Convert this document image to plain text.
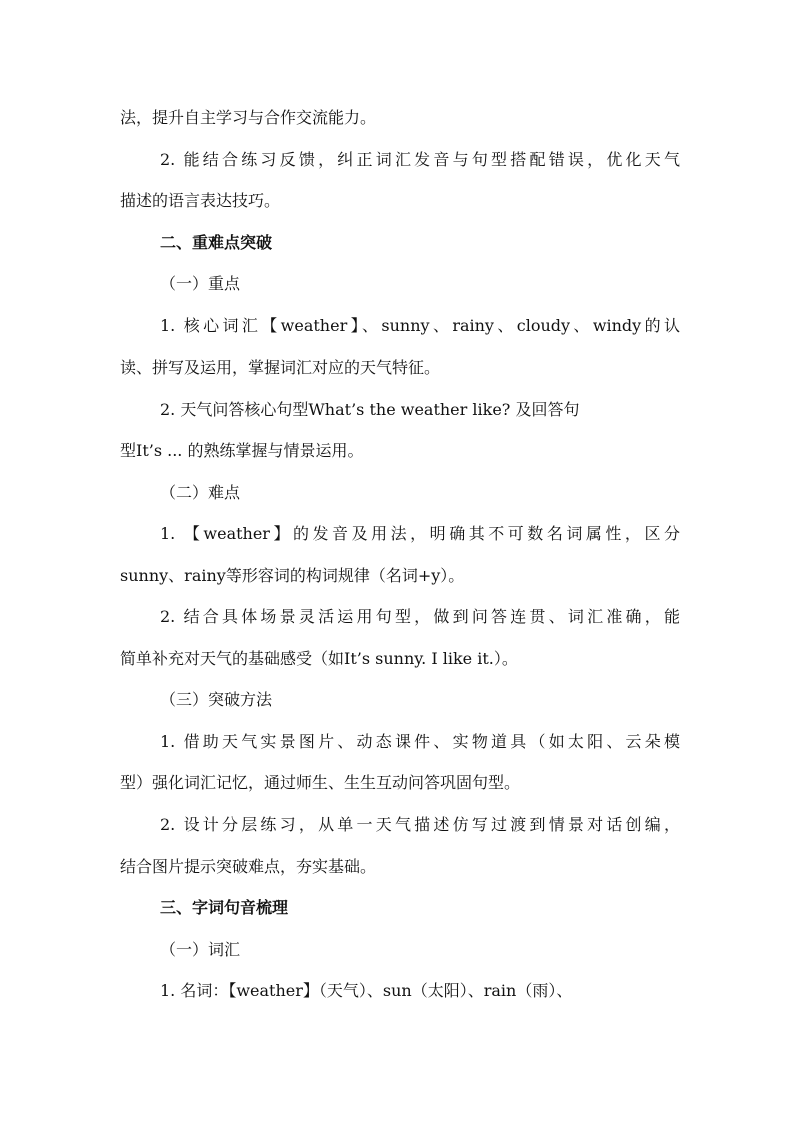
法，提升自主学习与合作交流能力。
2. 能结合练习反馈，纠正词汇发音与句型搭配错误，优化天气
描述的语言表达技巧。
二、重难点突破
（一）重点
1. 核心词汇【weather】、sunny、rainy、cloudy、windy的认
读、拼写及运用，掌握词汇对应的天气特征。
2. 天气问答核心句型What’s the weather like? 及回答句
型It’s ... 的熟练掌握与情景运用。
（二）难点
1. 【weather】的发音及用法，明确其不可数名词属性，区分
sunny、rainy等形容词的构词规律（名词+y）。
2. 结合具体场景灵活运用句型，做到问答连贯、词汇准确，能
简单补充对天气的基础感受（如It’s sunny. I like it.）。
（三）突破方法
1. 借助天气实景图片、动态课件、实物道具（如太阳、云朵模
型）强化词汇记忆，通过师生、生生互动问答巩固句型。
2. 设计分层练习，从单一天气描述仿写过渡到情景对话创编，
结合图片提示突破难点，夯实基础。
三、字词句音梳理
（一）词汇
1. 名词：【weather】（天气）、sun（太阳）、rain（雨）、
